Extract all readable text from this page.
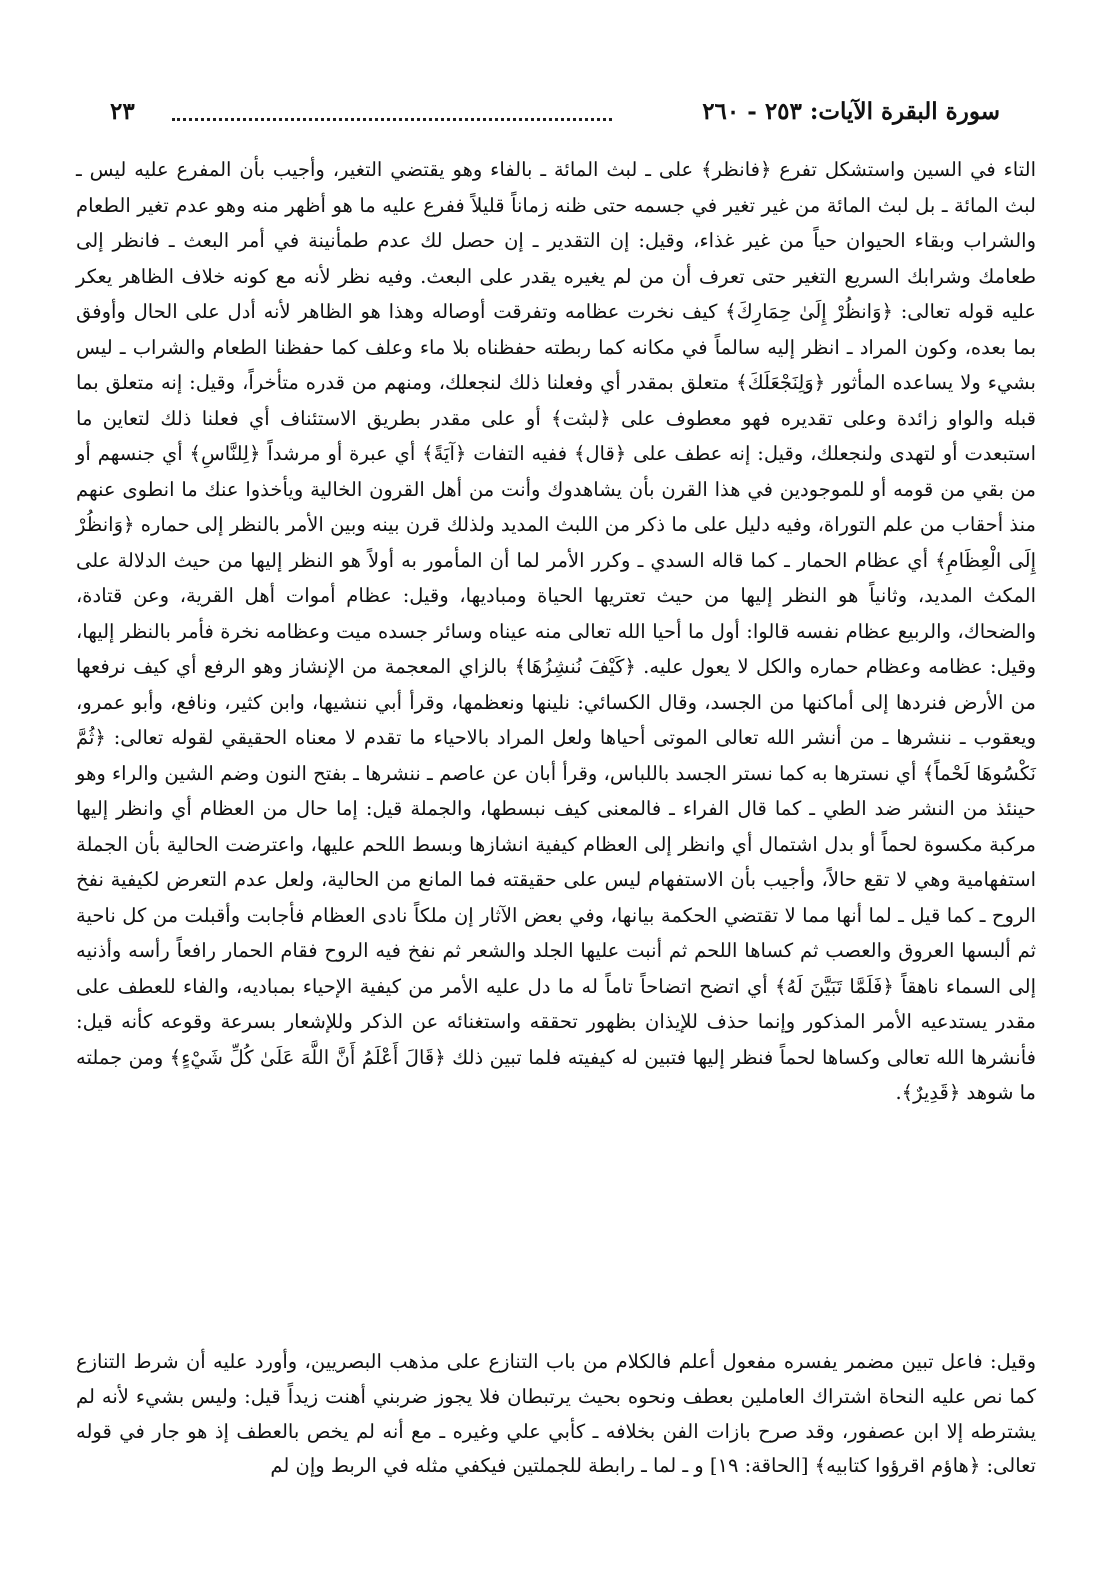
سورة البقرة الآيات: ٢٥٣ - ٢٦٠
٢٣

التاء في السين واستشكل تفرع ﴿فانظر﴾ على ـ لبث المائة ـ بالفاء وهو يقتضي التغير، وأجيب بأن المفرع عليه ليس ـ لبث المائة ـ بل لبث المائة من غير تغير في جسمه حتى ظنه زماناً قليلاً ففرع عليه ما هو أظهر منه وهو عدم تغير الطعام والشراب وبقاء الحيوان حياً من غير غذاء، وقيل: إن التقدير ـ إن حصل لك عدم طمأنينة في أمر البعث ـ فانظر إلى طعامك وشرابك السريع التغير حتى تعرف أن من لم يغيره يقدر على البعث. وفيه نظر لأنه مع كونه خلاف الظاهر يعكر عليه قوله تعالى: ﴿وَانظُرْ إِلَىٰ حِمَارِكَ﴾ كيف نخرت عظامه وتفرقت أوصاله وهذا هو الظاهر لأنه أدل على الحال وأوفق بما بعده، وكون المراد ـ انظر إليه سالماً في مكانه كما ربطته حفظناه بلا ماء وعلف كما حفظنا الطعام والشراب ـ ليس بشيء ولا يساعده المأثور ﴿وَلِنَجْعَلَكَ﴾ متعلق بمقدر أي وفعلنا ذلك لنجعلك، ومنهم من قدره متأخراً، وقيل: إنه متعلق بما قبله والواو زائدة وعلى تقديره فهو معطوف على ﴿لبثت﴾ أو على مقدر بطريق الاستئناف أي فعلنا ذلك لتعاين ما استبعدت أو لتهدى ولنجعلك، وقيل: إنه عطف على ﴿قال﴾ ففيه التفات ﴿آيَةً﴾ أي عبرة أو مرشداً ﴿لِلنَّاسِ﴾ أي جنسهم أو من بقي من قومه أو للموجودين في هذا القرن بأن يشاهدوك وأنت من أهل القرون الخالية ويأخذوا عنك ما انطوى عنهم منذ أحقاب من علم التوراة، وفيه دليل على ما ذكر من اللبث المديد ولذلك قرن بينه وبين الأمر بالنظر إلى حماره ﴿وَانظُرْ إِلَى الْعِظَامِ﴾ أي عظام الحمار ـ كما قاله السدي ـ وكرر الأمر لما أن المأمور به أولاً هو النظر إليها من حيث الدلالة على المكث المديد، وثانياً هو النظر إليها من حيث تعتريها الحياة ومباديها، وقيل: عظام أموات أهل القرية، وعن قتادة، والضحاك، والربيع عظام نفسه قالوا: أول ما أحيا الله تعالى منه عيناه وسائر جسده ميت وعظامه نخرة فأمر بالنظر إليها، وقيل: عظامه وعظام حماره والكل لا يعول عليه. ﴿كَيْفَ نُنشِزُهَا﴾ بالزاي المعجمة من الإنشاز وهو الرفع أي كيف نرفعها من الأرض فنردها إلى أماكنها من الجسد، وقال الكسائي: نلينها ونعظمها، وقرأ أبي ننشيها، وابن كثير، ونافع، وأبو عمرو، ويعقوب ـ ننشرها ـ من أنشر الله تعالى الموتى أحياها ولعل المراد بالاحياء ما تقدم لا معناه الحقيقي لقوله تعالى: ﴿ثُمَّ نَكْسُوهَا لَحْماً﴾ أي نسترها به كما نستر الجسد باللباس، وقرأ أبان عن عاصم ـ ننشرها ـ بفتح النون وضم الشين والراء وهو حينئذ من النشر ضد الطي ـ كما قال الفراء ـ فالمعنى كيف نبسطها، والجملة قيل: إما حال من العظام أي وانظر إليها مركبة مكسوة لحماً أو بدل اشتمال أي وانظر إلى العظام كيفية انشازها وبسط اللحم عليها، واعترضت الحالية بأن الجملة استفهامية وهي لا تقع حالاً، وأجيب بأن الاستفهام ليس على حقيقته فما المانع من الحالية، ولعل عدم التعرض لكيفية نفخ الروح ـ كما قيل ـ لما أنها مما لا تقتضي الحكمة بيانها، وفي بعض الآثار إن ملكاً نادى العظام فأجابت وأقبلت من كل ناحية ثم ألبسها العروق والعصب ثم كساها اللحم ثم أنبت عليها الجلد والشعر ثم نفخ فيه الروح فقام الحمار رافعاً رأسه وأذنيه إلى السماء ناهقاً ﴿فَلَمَّا تَبَيَّنَ لَهُ﴾ أي اتضح اتضاحاً تاماً له ما دل عليه الأمر من كيفية الإحياء بمباديه، والفاء للعطف على مقدر يستدعيه الأمر المذكور وإنما حذف للإيذان بظهور تحققه واستغنائه عن الذكر وللإشعار بسرعة وقوعه كأنه قيل: فأنشرها الله تعالى وكساها لحماً فنظر إليها فتبين له كيفيته فلما تبين ذلك ﴿قَالَ أَعْلَمُ أَنَّ اللَّهَ عَلَىٰ كُلِّ شَيْءٍ﴾ ومن جملته ما شوهد ﴿قَدِيرٌ﴾.

وقيل: فاعل تبين مضمر يفسره مفعول أعلم فالكلام من باب التنازع على مذهب البصريين، وأورد عليه أن شرط التنازع كما نص عليه النحاة اشتراك العاملين بعطف ونحوه بحيث يرتبطان فلا يجوز ضربني أهنت زيداً قيل: وليس بشيء لأنه لم يشترطه إلا ابن عصفور، وقد صرح بازات الفن بخلافه ـ كأبي علي وغيره ـ مع أنه لم يخص بالعطف إذ هو جار في قوله تعالى: ﴿هاؤم اقرؤوا كتابيه﴾ [الحاقة: ١٩] و ـ لما ـ رابطة للجملتين فيكفي مثله في الربط وإن لم
